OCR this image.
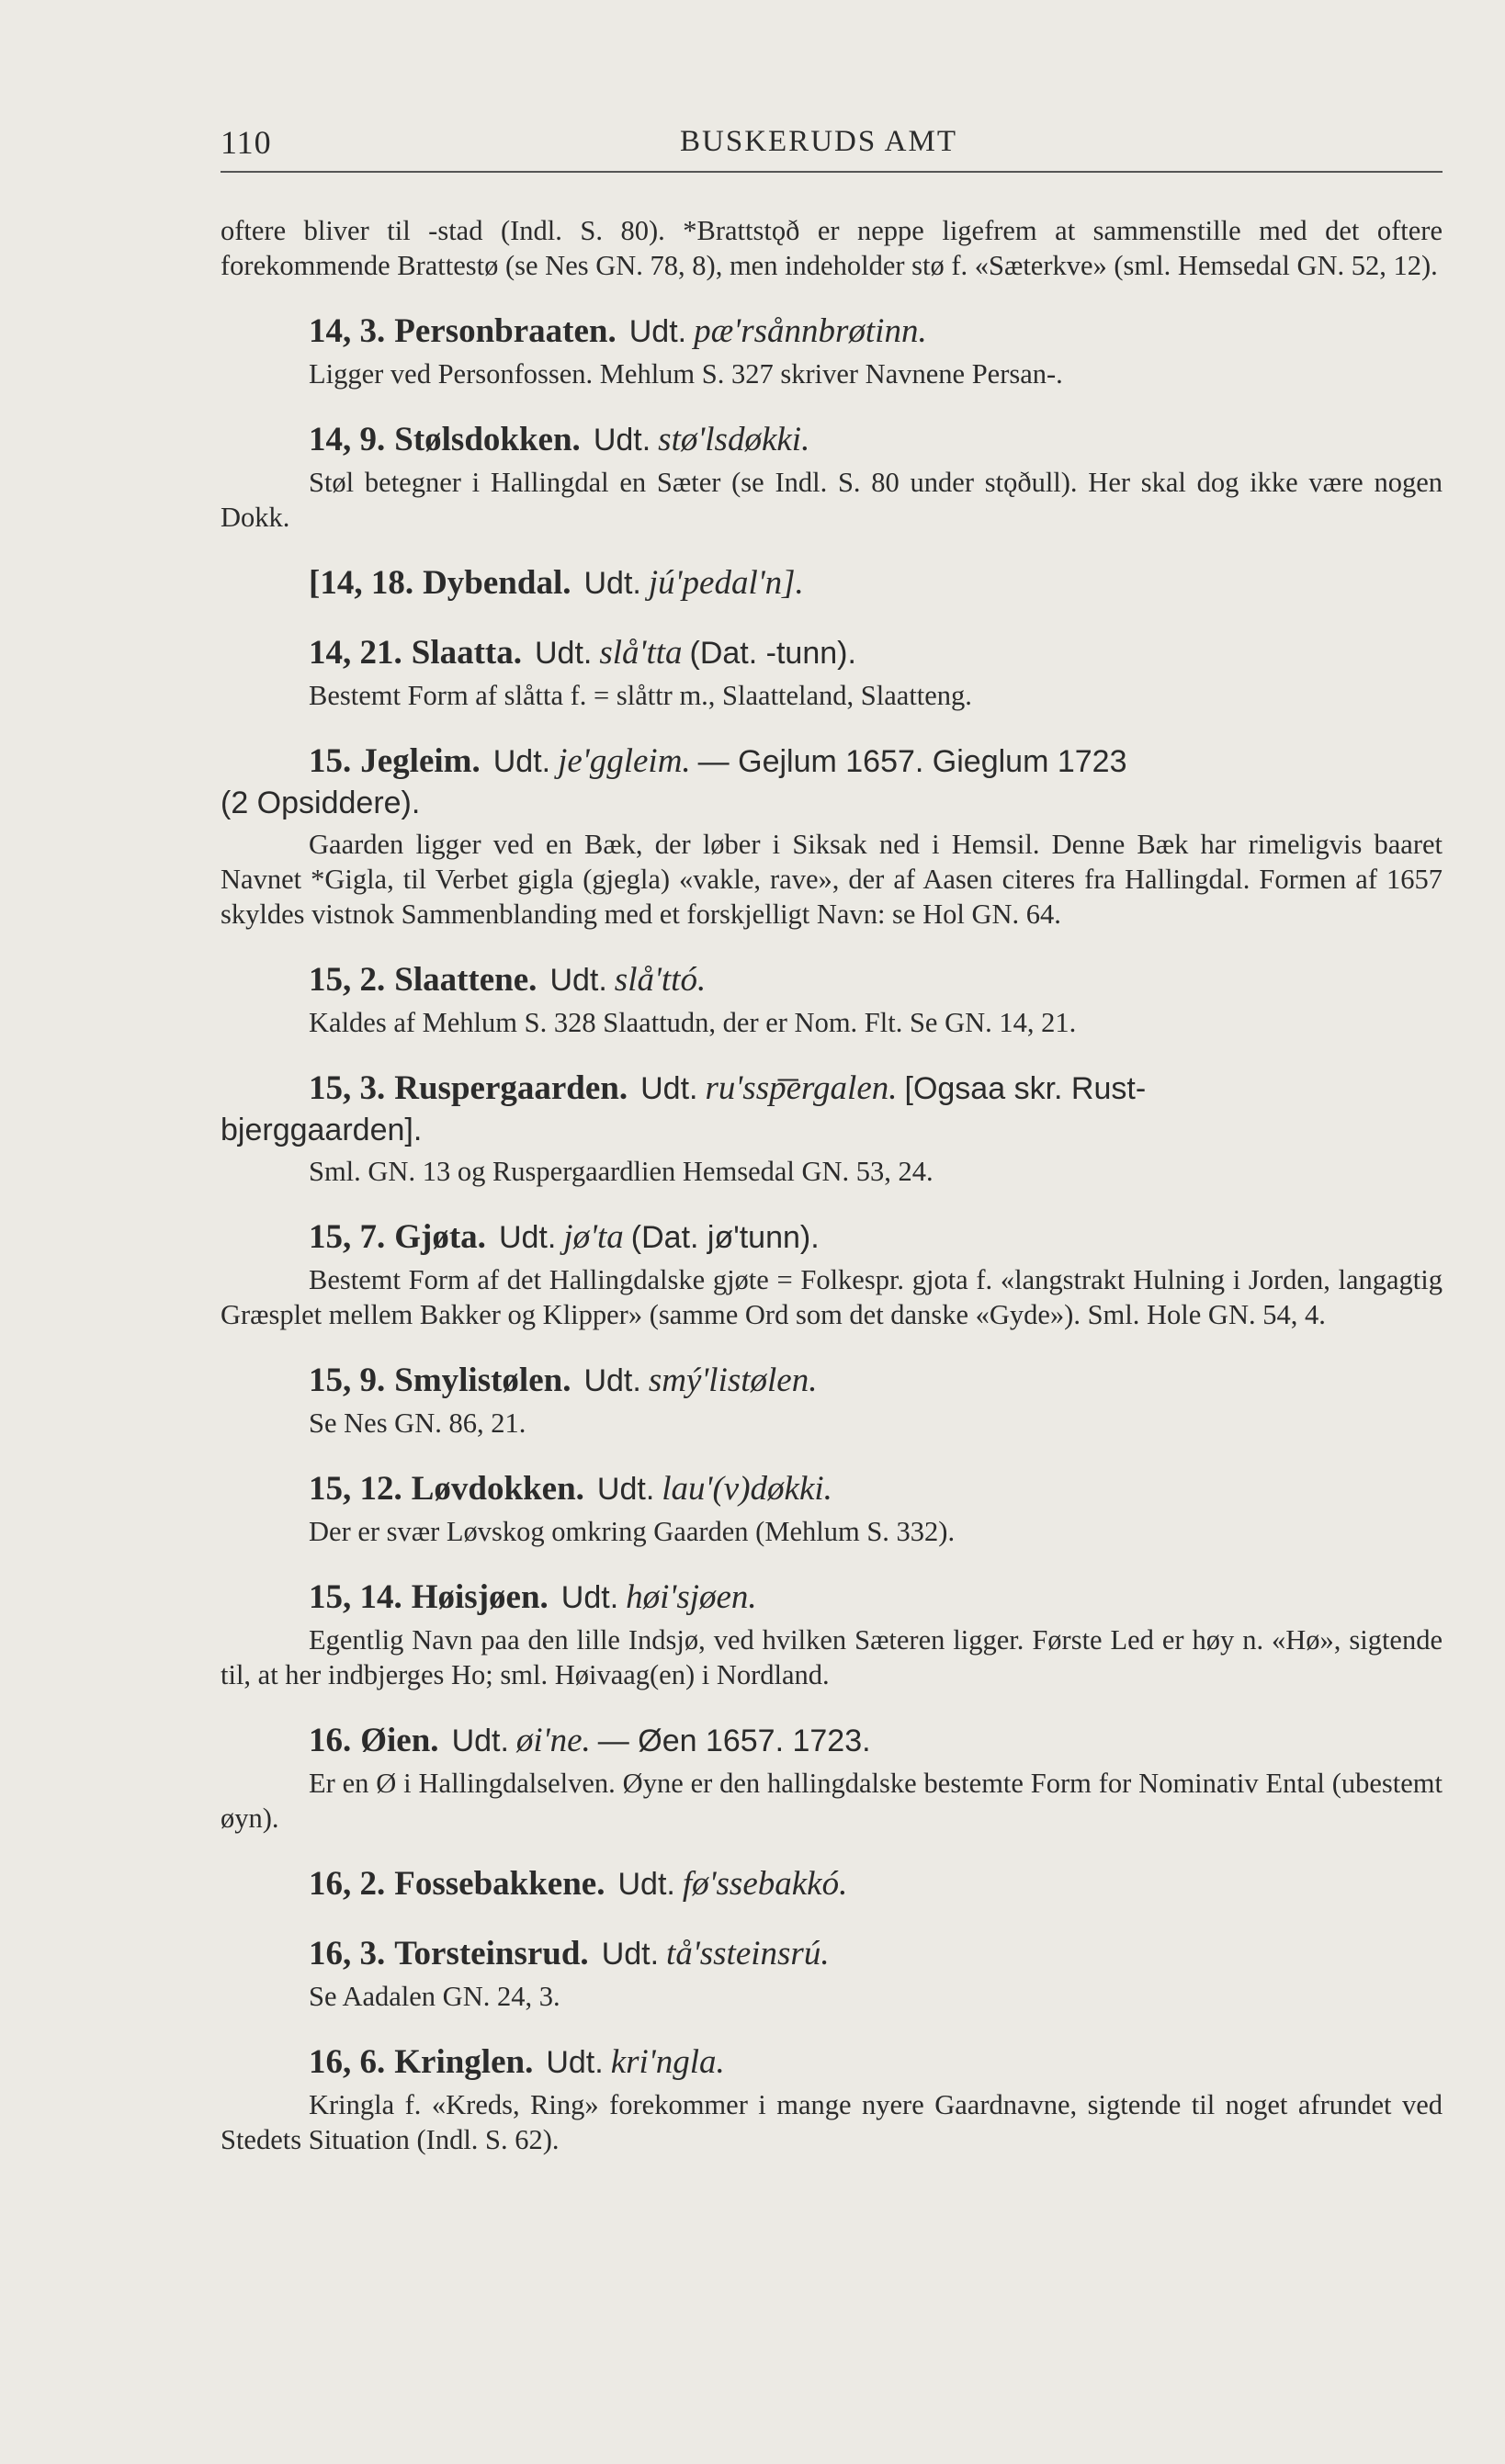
110	BUSKERUDS AMT

oftere bliver til -stad (Indl. S. 80). *Brattstǫð er neppe ligefrem at sammenstille med det oftere forekommende Brattestø (se Nes GN. 78, 8), men indeholder stø f. «Sæterkve» (sml. Hemsedal GN. 52, 12).

14, 3. Personbraaten. Udt. pæ'rsånnbrøtinn.

Ligger ved Personfossen. Mehlum S. 327 skriver Navnene Persan-.

14, 9. Stølsdokken. Udt. stø'lsdøkki.

Støl betegner i Hallingdal en Sæter (se Indl. S. 80 under stǫðull). Her skal dog ikke være nogen Dokk.

[14, 18. Dybendal. Udt. jú'pedal'n].

14, 21. Slaatta. Udt. slå'tta (Dat. -tunn).

Bestemt Form af slåtta f. = slåttr m., Slaatteland, Slaatteng.

15. Jegleim. Udt. je'ggleim. — Gejlum 1657. Gieglum 1723

(2 Opsiddere).

Gaarden ligger ved en Bæk, der løber i Siksak ned i Hemsil. Denne Bæk har rimeligvis baaret Navnet *Gigla, til Verbet gigla (gjegla) «vakle, rave», der af Aasen citeres fra Hallingdal. Formen af 1657 skyldes vistnok Sammenblanding med et forskjelligt Navn: se Hol GN. 64.

15, 2. Slaattene. Udt. slå'ttó.

Kaldes af Mehlum S. 328 Slaattudn, der er Nom. Flt. Se GN. 14, 21.

15, 3. Ruspergaarden. Udt. ru'ssp͞ergalen. [Ogsaa skr. Rust-

bjerggaarden].

Sml. GN. 13 og Ruspergaardlien Hemsedal GN. 53, 24.

15, 7. Gjøta. Udt. jø'ta (Dat. jø'tunn).

Bestemt Form af det Hallingdalske gjøte = Folkespr. gjota f. «langstrakt Hulning i Jorden, langagtig Græsplet mellem Bakker og Klipper» (samme Ord som det danske «Gyde»). Sml. Hole GN. 54, 4.

15, 9. Smylistølen. Udt. smý'listølen.

Se Nes GN. 86, 21.

15, 12. Løvdokken. Udt. lau'(v)døkki.

Der er svær Løvskog omkring Gaarden (Mehlum S. 332).

15, 14. Høisjøen. Udt. høi'sjøen.

Egentlig Navn paa den lille Indsjø, ved hvilken Sæteren ligger. Første Led er høy n. «Hø», sigtende til, at her indbjerges Ho; sml. Høivaag(en) i Nordland.

16. Øien. Udt. øi'ne. — Øen 1657. 1723.

Er en Ø i Hallingdalselven. Øyne er den hallingdalske bestemte Form for Nominativ Ental (ubestemt øyn).

16, 2. Fossebakkene. Udt. fø'ssebakkó.

16, 3. Torsteinsrud. Udt. tå'ssteinsrú.

Se Aadalen GN. 24, 3.

16, 6. Kringlen. Udt. kri'ngla.

Kringla f. «Kreds, Ring» forekommer i mange nyere Gaardnavne, sigtende til noget afrundet ved Stedets Situation (Indl. S. 62).
